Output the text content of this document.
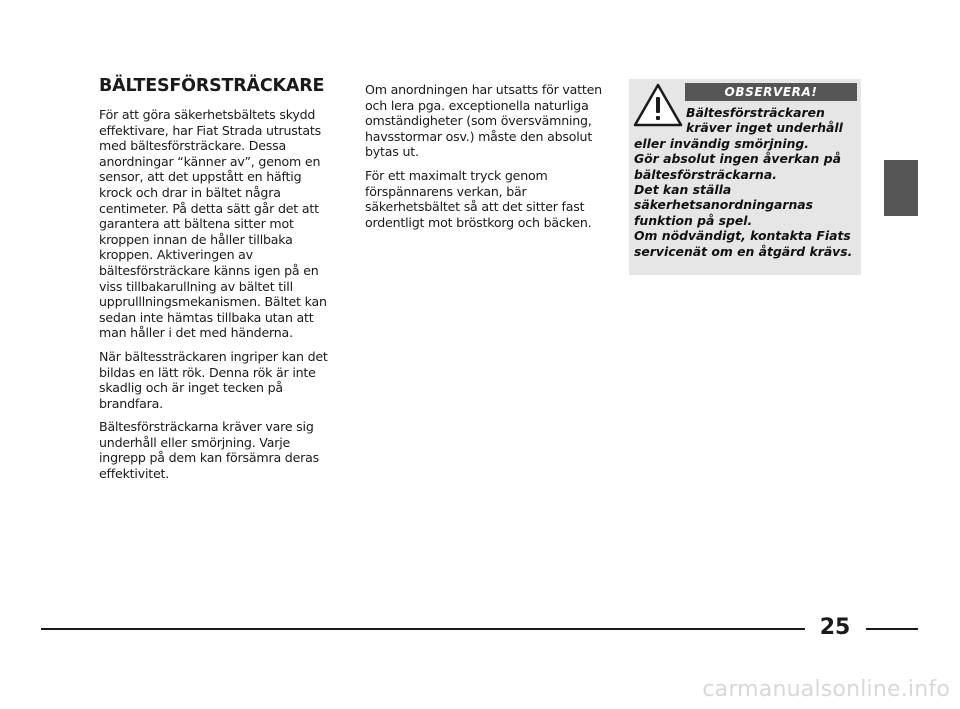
BÄLTESFÖRSTRÄCKARE

För att göra säkerhetsbältets skydd effektivare, har Fiat Strada utrustats med bältesförsträckare. Dessa anordningar “känner av”, genom en sensor, att det uppstått en häftig krock och drar in bältet några centimeter. På detta sätt går det att garantera att bältena sitter mot kroppen innan de håller tillbaka kroppen. Aktiveringen av bältesförsträckare känns igen på en viss tillbakarullning av bältet till upprulllningsmekanismen. Bältet kan sedan inte hämtas tillbaka utan att man håller i det med händerna.

När bältessträckaren ingriper kan det bildas en lätt rök. Denna rök är inte skadlig och är inget tecken på brandfara.

Bältesförsträckarna kräver vare sig underhåll eller smörjning. Varje ingrepp på dem kan försämra deras effektivitet.

Om anordningen har utsatts för vatten och lera pga. exceptionella naturliga omständigheter (som översvämning, havsstormar osv.) måste den absolut bytas ut.

För ett maximalt tryck genom förspännarens verkan, bär säkerhetsbältet så att det sitter fast ordentligt mot bröstkorg och bäcken.

OBSERVERA!
Bältesförsträckaren
kräver inget underhåll
eller invändig smörjning.
Gör absolut ingen åverkan på
bältesförsträckarna.
Det kan ställa
säkerhetsanordningarnas
funktion på spel.
Om nödvändigt, kontakta Fiats
servicenät om en åtgärd krävs.
25
carmanualsonline.info
